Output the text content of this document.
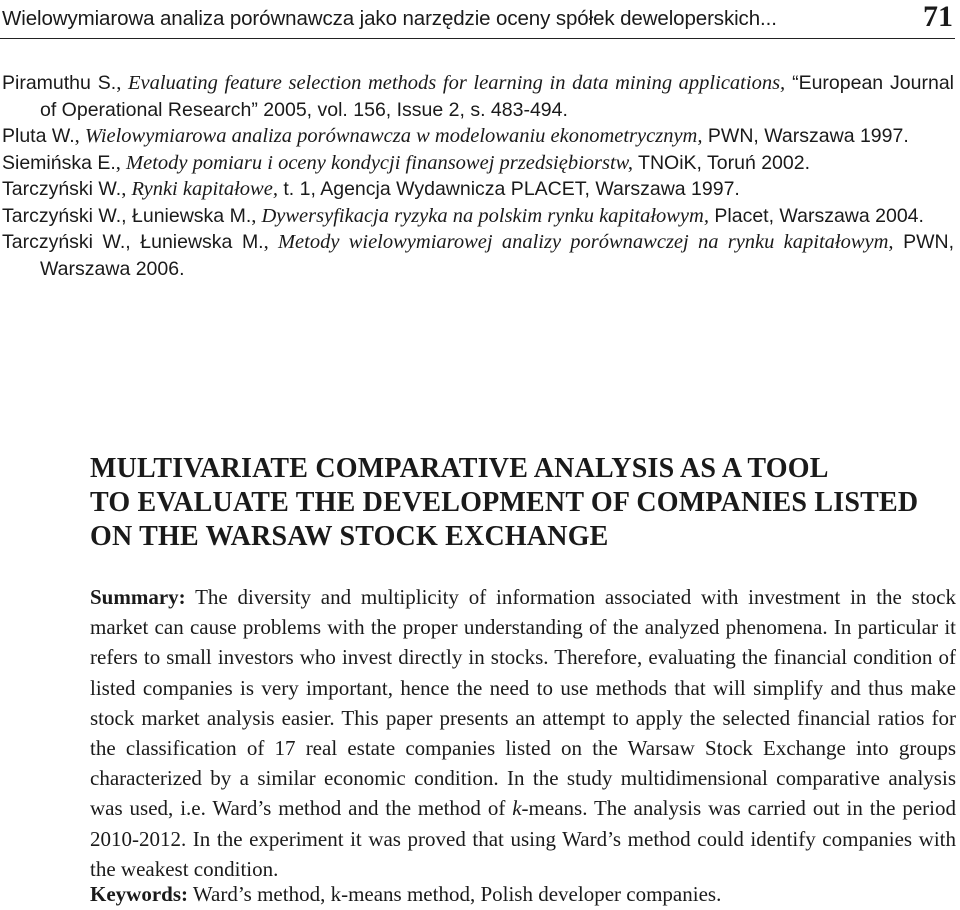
Wielowymiarowa analiza porównawcza jako narzędzie oceny spółek deweloperskich...	71

Piramuthu S., Evaluating feature selection methods for learning in data mining applications, “European Journal of Operational Research” 2005, vol. 156, Issue 2, s. 483-494.

Pluta W., Wielowymiarowa analiza porównawcza w modelowaniu ekonometrycznym, PWN, Warszawa 1997.

Siemińska E., Metody pomiaru i oceny kondycji finansowej przedsiębiorstw, TNOiK, Toruń 2002.

Tarczyński W., Rynki kapitałowe, t. 1, Agencja Wydawnicza PLACET, Warszawa 1997.

Tarczyński W., Łuniewska M., Dywersyfikacja ryzyka na polskim rynku kapitałowym, Placet, Warszawa 2004.

Tarczyński W., Łuniewska M., Metody wielowymiarowej analizy porównawczej na rynku kapitałowym, PWN, Warszawa 2006.

MULTIVARIATE COMPARATIVE ANALYSIS AS A TOOL
TO EVALUATE THE DEVELOPMENT OF COMPANIES LISTED
ON THE WARSAW STOCK EXCHANGE

Summary: The diversity and multiplicity of information associated with investment in the stock market can cause problems with the proper understanding of the analyzed phenomena. In particular it refers to small investors who invest directly in stocks. Therefore, evaluating the financial condition of listed companies is very important, hence the need to use methods that will simplify and thus make stock market analysis easier. This paper presents an attempt to apply the selected financial ratios for the classification of 17 real estate companies listed on the Warsaw Stock Exchange into groups characterized by a similar economic condition. In the study multidimensional comparative analysis was used, i.e. Ward’s method and the method of k-means. The analysis was carried out in the period 2010-2012. In the experiment it was proved that using Ward’s method could identify companies with the weakest condition.

Keywords: Ward’s method, k-means method, Polish developer companies.
